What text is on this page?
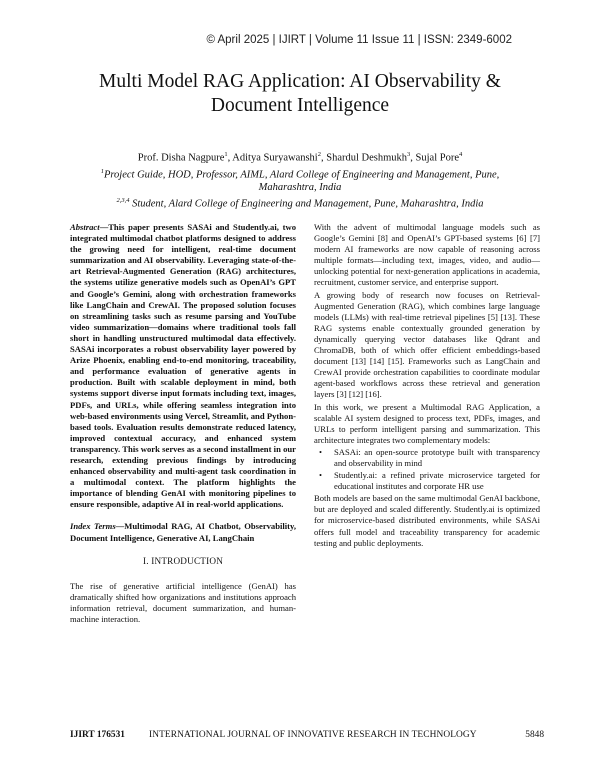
© April 2025 | IJIRT | Volume 11 Issue 11 | ISSN: 2349-6002
Multi Model RAG Application: AI Observability &
Document Intelligence
Prof. Disha Nagpure$^1$, Aditya Suryawanshi$^2$, Shardul Deshmukh$^3$, Sujal Pore$^4$
$^1$Project Guide, HOD, Professor, AIML, Alard College of Engineering and Management, Pune,
Maharashtra, India
$^{2,3,4}$ Student, Alard College of Engineering and Management, Pune, Maharashtra, India

Abstract—This paper presents SASAi and Studently.ai, two integrated multimodal chatbot platforms designed to address the growing need for intelligent, real-time document summarization and AI observability. Leveraging state-of-the-art Retrieval-Augmented Generation (RAG) architectures, the systems utilize generative models such as OpenAI’s GPT and Google’s Gemini, along with orchestration frameworks like LangChain and CrewAI. The proposed solution focuses on streamlining tasks such as resume parsing and YouTube video summarization—domains where traditional tools fall short in handling unstructured multimodal data effectively. SASAi incorporates a robust observability layer powered by Arize Phoenix, enabling end-to-end monitoring, traceability, and performance evaluation of generative agents in production. Built with scalable deployment in mind, both systems support diverse input formats including text, images, PDFs, and URLs, while offering seamless integration into web-based environments using Vercel, Streamlit, and Python-based tools. Evaluation results demonstrate reduced latency, improved contextual accuracy, and enhanced system transparency. This work serves as a second installment in our research, extending previous findings by introducing enhanced observability and multi-agent task coordination in a multimodal context. The platform highlights the importance of blending GenAI with monitoring pipelines to ensure responsible, adaptive AI in real-world applications.

Index Terms—Multimodal RAG, AI Chatbot, Observability, Document Intelligence, Generative AI, LangChain

I. INTRODUCTION

The rise of generative artificial intelligence (GenAI) has dramatically shifted how organizations and institutions approach information retrieval, document summarization, and human-machine interaction.

With the advent of multimodal language models such as Google’s Gemini [8] and OpenAI’s GPT-based systems [6] [7] modern AI frameworks are now capable of reasoning across multiple formats—including text, images, video, and audio—unlocking potential for next-generation applications in academia, recruitment, customer service, and enterprise support.

A growing body of research now focuses on Retrieval-Augmented Generation (RAG), which combines large language models (LLMs) with real-time retrieval pipelines [5] [13]. These RAG systems enable contextually grounded generation by dynamically querying vector databases like Qdrant and ChromaDB, both of which offer efficient embeddings-based document [13] [14] [15]. Frameworks such as LangChain and CrewAI provide orchestration capabilities to coordinate modular agent-based workflows across these retrieval and generation layers [3] [12] [16].

In this work, we present a Multimodal RAG Application, a scalable AI system designed to process text, PDFs, images, and URLs to perform intelligent parsing and summarization. This architecture integrates two complementary models:

• SASAi: an open-source prototype built with transparency and observability in mind
• Studently.ai: a refined private microservice targeted for educational institutes and corporate HR use

Both models are based on the same multimodal GenAI backbone, but are deployed and scaled differently. Studently.ai is optimized for microservice-based distributed environments, while SASAi offers full model and traceability transparency for academic testing and public deployments.

IJIRT 176531	INTERNATIONAL JOURNAL OF INNOVATIVE RESEARCH IN TECHNOLOGY	5848
